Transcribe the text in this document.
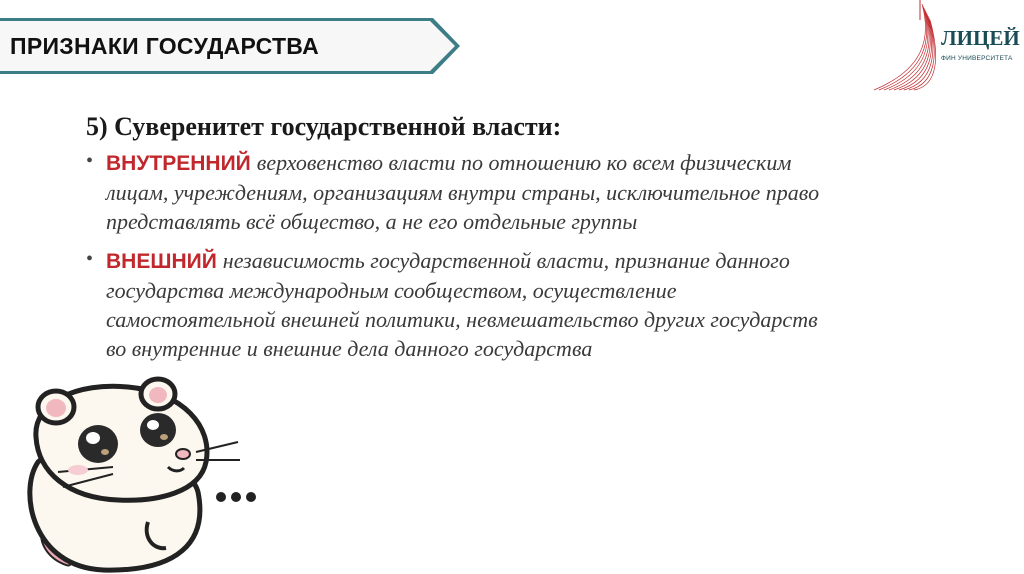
ПРИЗНАКИ ГОСУДАРСТВА	ЛИЦЕЙ
ФИН УНИВЕРСИТЕТА
5) Суверенитет государственной власти:
• ВНУТРЕННИЙ верховенство власти по отношению ко всем физическим
лицам, учреждениям, организациям внутри страны, исключительное право
представлять всё общество, а не его отдельные группы
• ВНЕШНИЙ независимость государственной власти, признание данного
государства международным сообществом, осуществление
самостоятельной внешней политики, невмешательство других государств
во внутренние и внешние дела данного государства
